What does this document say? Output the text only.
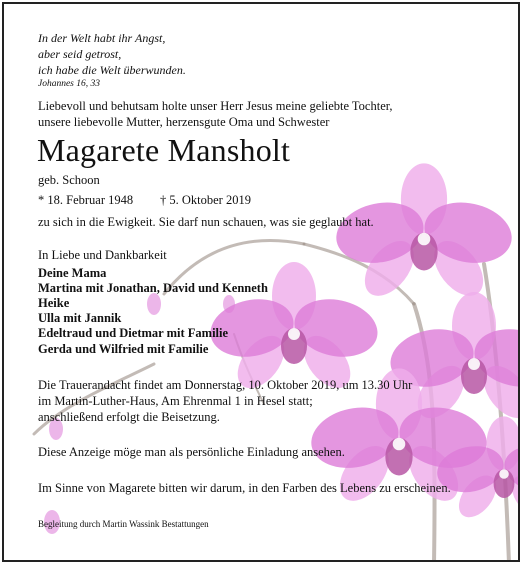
In der Welt habt ihr Angst,
aber seid getrost,
ich habe die Welt überwunden.
Johannes 16, 33
Liebevoll und behutsam holte unser Herr Jesus meine geliebte Tochter,
unsere liebevolle Mutter, herzensgute Oma und Schwester
Magarete Mansholt
geb. Schoon
* 18. Februar 1948 † 5. Oktober 2019
zu sich in die Ewigkeit. Sie darf nun schauen, was sie geglaubt hat.
In Liebe und Dankbarkeit
Deine Mama
Martina mit Jonathan, David und Kenneth
Heike
Ulla mit Jannik
Edeltraud und Dietmar mit Familie
Gerda und Wilfried mit Familie
Die Trauerandacht findet am Donnerstag, 10. Oktober 2019, um 13.30 Uhr
im Martin-Luther-Haus, Am Ehrenmal 1 in Hesel statt;
anschließend erfolgt die Beisetzung.
Diese Anzeige möge man als persönliche Einladung ansehen.
Im Sinne von Magarete bitten wir darum, in den Farben des Lebens zu erscheinen.
Begleitung durch Martin Wassink Bestattungen
